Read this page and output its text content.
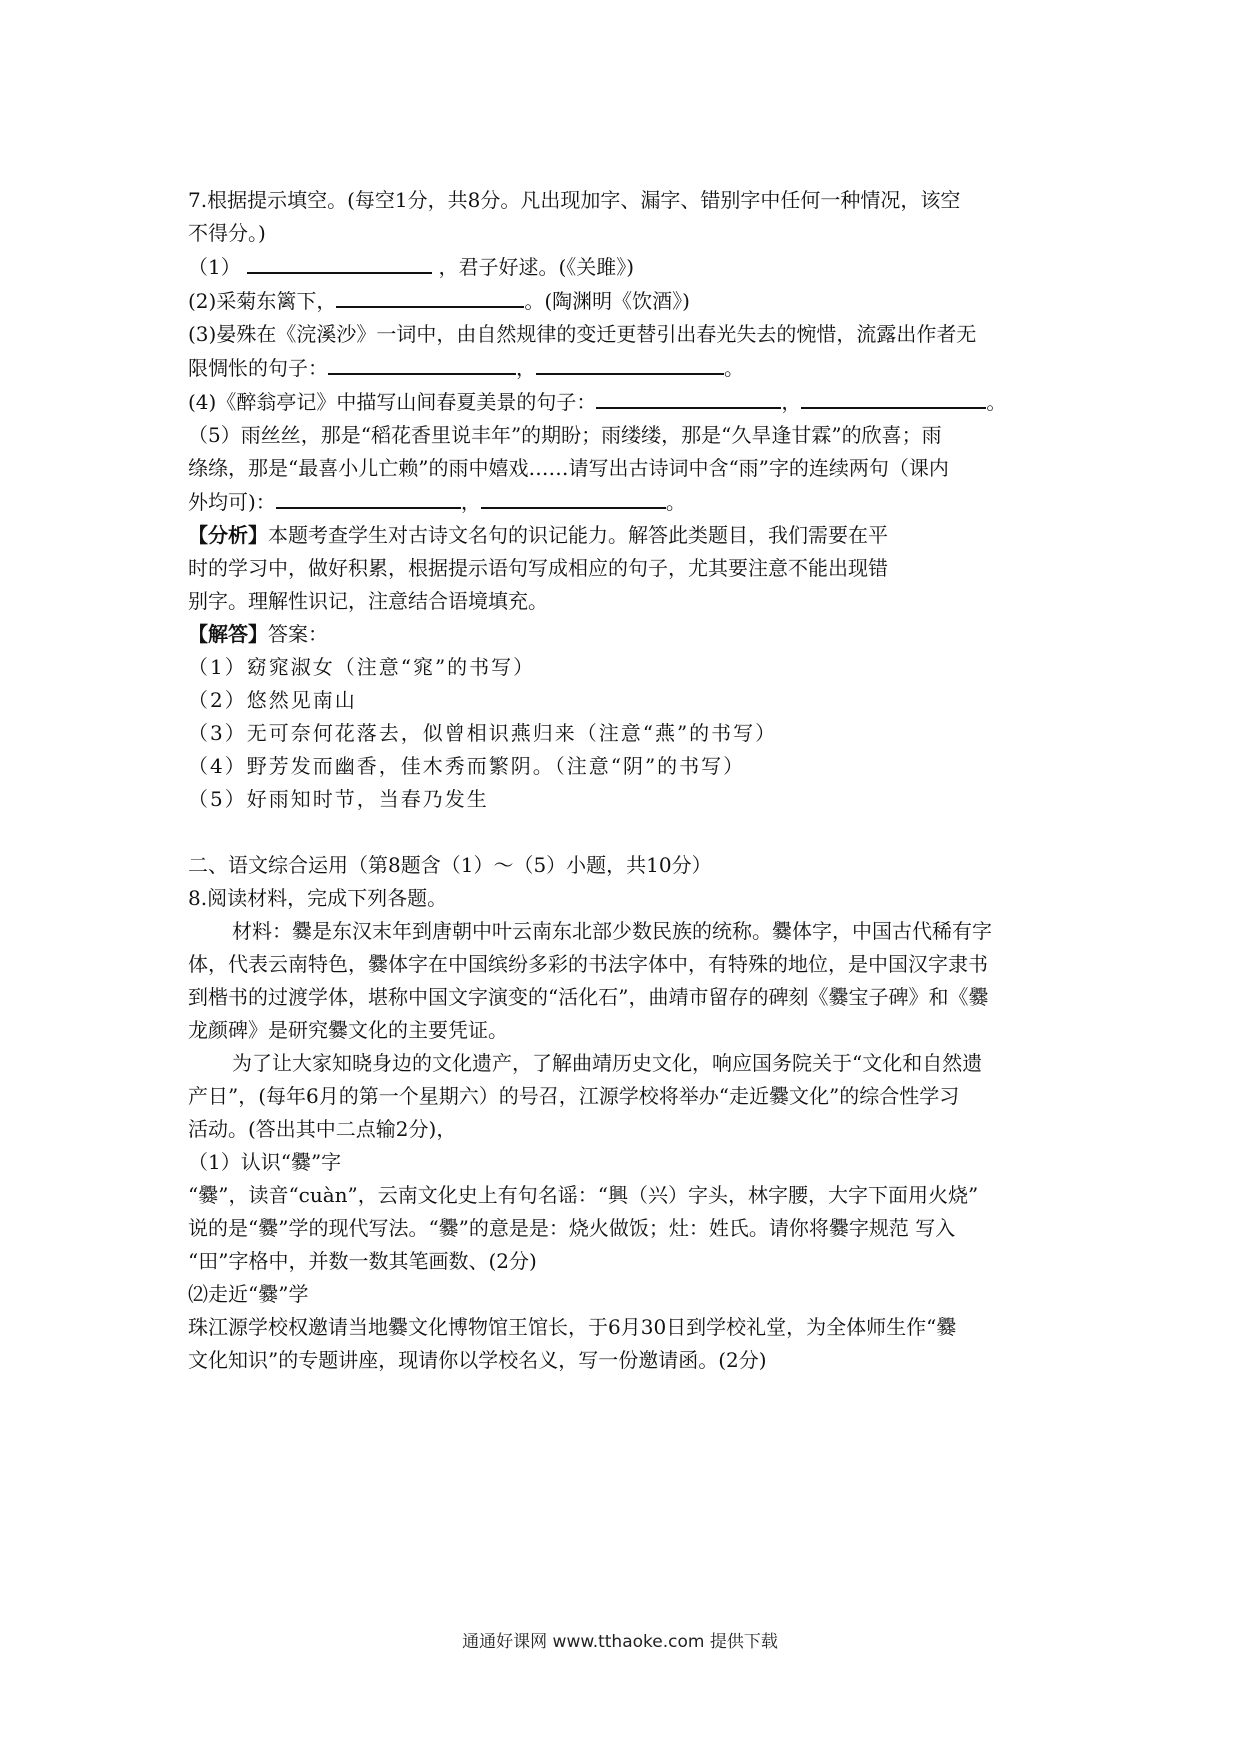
7.根据提示填空。(每空1分，共8分。凡出现加字、漏字、错别字中任何一种情况，该空
不得分。)
（1）	，君子好逑。(《关雎》)
(2)采菊东篱下，	。(陶渊明《饮酒》)
(3)晏殊在《浣溪沙》一词中，由自然规律的变迁更替引出春光失去的惋惜，流露出作者无
限惆怅的句子：	，	。
(4)《醉翁亭记》中描写山间春夏美景的句子：	，	。
（5）雨丝丝，那是“稻花香里说丰年”的期盼；雨缕缕，那是“久旱逢甘霖”的欣喜；雨
绦绦，那是“最喜小儿亡赖”的雨中嬉戏……请写出古诗词中含“雨”字的连续两句（课内
外均可)：	，	。
【分析】本题考查学生对古诗文名句的识记能力。解答此类题目，我们需要在平
时的学习中，做好积累，根据提示语句写成相应的句子，尤其要注意不能出现错
别字。理解性识记，注意结合语境填充。
【解答】答案：
（1）窈窕淑女（注意“窕”的书写）
（2）悠然见南山
（3）无可奈何花落去，似曾相识燕归来（注意“燕”的书写）
（4）野芳发而幽香，佳木秀而繁阴。（注意“阴”的书写）
（5）好雨知时节，当春乃发生
二、语文综合运用（第8题含（1）～（5）小题，共10分）
8.阅读材料，完成下列各题。
材料：爨是东汉末年到唐朝中叶云南东北部少数民族的统称。爨体字，中国古代稀有字
体，代表云南特色，爨体字在中国缤纷多彩的书法字体中，有特殊的地位，是中国汉字隶书
到楷书的过渡学体，堪称中国文字演变的“活化石”，曲靖市留存的碑刻《爨宝子碑》和《爨
龙颜碑》是研究爨文化的主要凭证。
为了让大家知晓身边的文化遗产，了解曲靖历史文化，响应国务院关于“文化和自然遗
产日”，(每年6月的第一个星期六）的号召，江源学校将举办“走近爨文化”的综合性学习
活动。(答出其中二点输2分)，
（1）认识“爨”字
“爨”，读音“cuàn”，云南文化史上有句名谣：“興（兴）字头，林字腰，大字下面用火烧”
说的是“爨”学的现代写法。“爨”的意是是：烧火做饭；灶：姓氏。请你将爨字规范 写入
“田”字格中，并数一数其笔画数、(2分)
⑵走近“爨”学
珠江源学校权邀请当地爨文化博物馆王馆长，于6月30日到学校礼堂，为全体师生作“爨
文化知识”的专题讲座，现请你以学校名义，写一份邀请函。(2分)
通通好课网 www.tthaoke.com 提供下载
